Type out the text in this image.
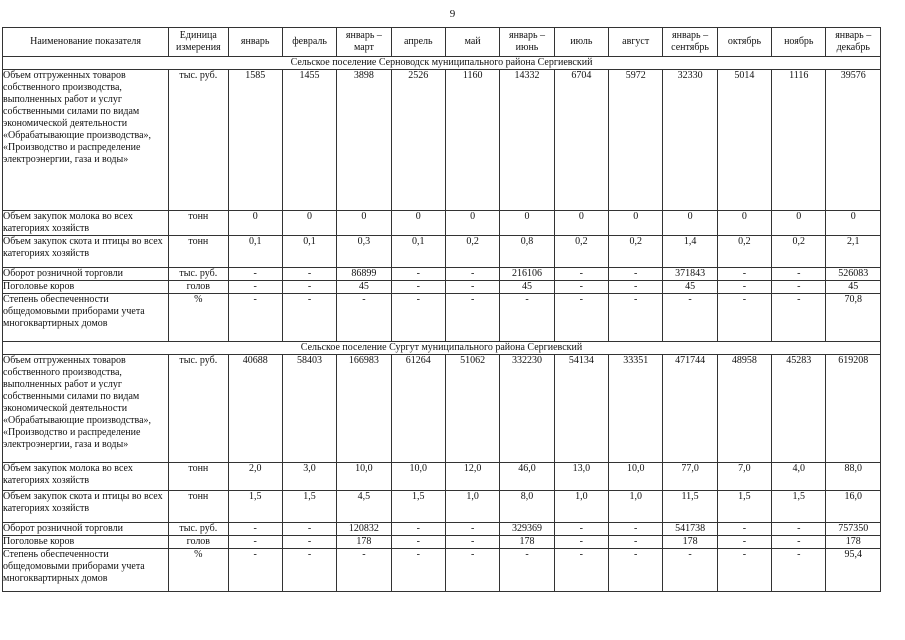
9
Наименование показателя	Единица измерения	январь	февраль	январь – март	апрель	май	январь – июнь	июль	август	январь – сентябрь	октябрь	ноябрь	январь – декабрь
Сельское поселение Серноводск муниципального района Сергиевский													
Объем отгруженных товаров собственного производства, выполненных работ и услуг собственными силами по видам экономической деятельности «Обрабатывающие производства», «Производство и распределение электроэнергии, газа и воды»	тыс. руб.	1585	1455	3898	2526	1160	14332	6704	5972	32330	5014	1116	39576
Объем закупок молока во всех категориях хозяйств	тонн	0	0	0	0	0	0	0	0	0	0	0	0
Объем закупок скота и птицы во всех категориях хозяйств	тонн	0,1	0,1	0,3	0,1	0,2	0,8	0,2	0,2	1,4	0,2	0,2	2,1
Оборот розничной торговли	тыс. руб.	-	-	86899	-	-	216106	-	-	371843	-	-	526083
Поголовье коров	голов	-	-	45	-	-	45	-	-	45	-	-	45
Степень обеспеченности общедомовыми приборами учета многоквартирных домов	%	-	-	-	-	-	-	-	-	-	-	-	70,8
Сельское поселение Сургут муниципального района Сергиевский													
Объем отгруженных товаров собственного производства, выполненных работ и услуг собственными силами по видам экономической деятельности «Обрабатывающие производства», «Производство и распределение электроэнергии, газа и воды»	тыс. руб.	40688	58403	166983	61264	51062	332230	54134	33351	471744	48958	45283	619208
Объем закупок молока во всех категориях хозяйств	тонн	2,0	3,0	10,0	10,0	12,0	46,0	13,0	10,0	77,0	7,0	4,0	88,0
Объем закупок скота и птицы во всех категориях хозяйств	тонн	1,5	1,5	4,5	1,5	1,0	8,0	1,0	1,0	11,5	1,5	1,5	16,0
Оборот розничной торговли	тыс. руб.	-	-	120832	-	-	329369	-	-	541738	-	-	757350
Поголовье коров	голов	-	-	178	-	-	178	-	-	178	-	-	178
Степень обеспеченности общедомовыми приборами учета многоквартирных домов	%	-	-	-	-	-	-	-	-	-	-	-	95,4
